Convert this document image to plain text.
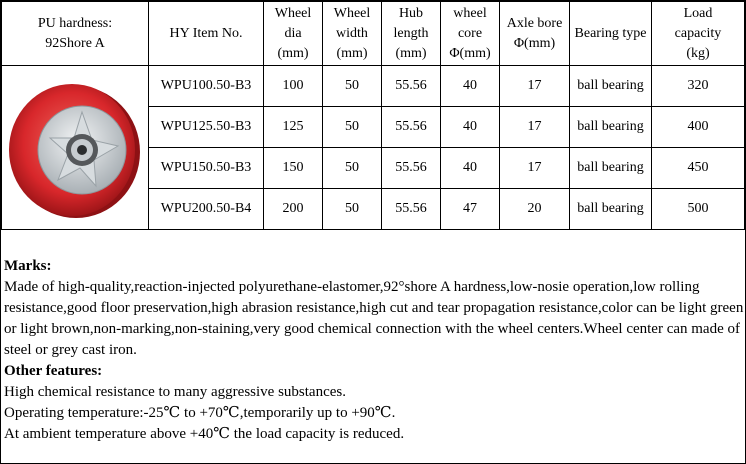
PU hardness:
92Shore A	HY Item No.	Wheel
dia
(mm)	Wheel
width
(mm)	Hub
length
(mm)	wheel
core
Φ(mm)	Axle bore
Φ(mm)	Bearing type	Load
capacity
(kg)

	WPU100.50-B3	100	50	55.56	40	17	ball bearing	320
	WPU125.50-B3	125	50	55.56	40	17	ball bearing	400
	WPU150.50-B3	150	50	55.56	40	17	ball bearing	450
	WPU200.50-B4	200	50	55.56	47	20	ball bearing	500
Marks:

Made of high-quality,reaction-injected polyurethane-elastomer,92°shore A hardness,low-nosie operation,low rolling resistance,good floor preservation,high abrasion resistance,high cut and tear propagation resistance,color can be light green or light brown,non-marking,non-staining,very good chemical connection with the wheel centers.Wheel center can made of steel or grey cast iron.

Other features:

High chemical resistance to many aggressive substances.

Operating temperature:-25℃ to +70℃,temporarily up to +90℃.

At ambient temperature above +40℃ the load capacity is reduced.
